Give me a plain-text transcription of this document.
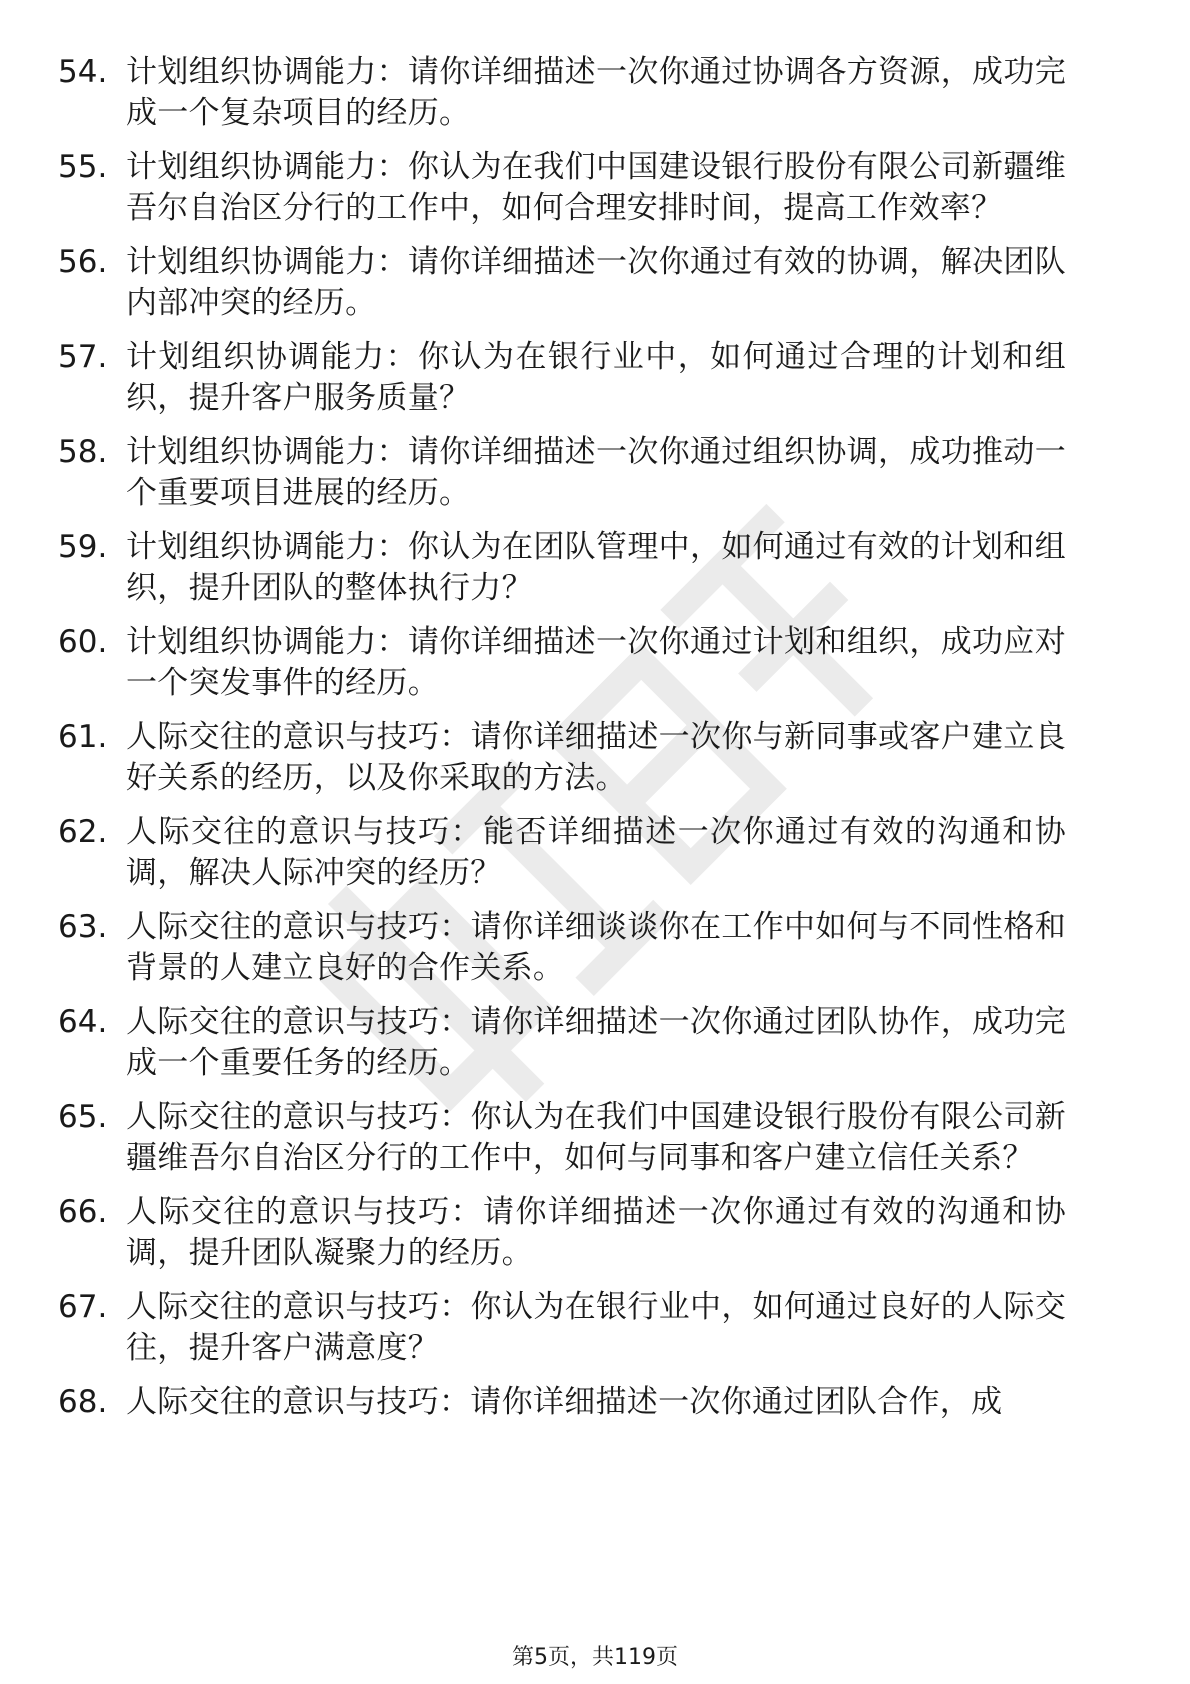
54. 计划组织协调能力：请你详细描述一次你通过协调各方资源，成功完成一个复杂项目的经历。
55. 计划组织协调能力：你认为在我们中国建设银行股份有限公司新疆维吾尔自治区分行的工作中，如何合理安排时间，提高工作效率？
56. 计划组织协调能力：请你详细描述一次你通过有效的协调，解决团队内部冲突的经历。
57. 计划组织协调能力：你认为在银行业中，如何通过合理的计划和组织，提升客户服务质量？
58. 计划组织协调能力：请你详细描述一次你通过组织协调，成功推动一个重要项目进展的经历。
59. 计划组织协调能力：你认为在团队管理中，如何通过有效的计划和组织，提升团队的整体执行力？
60. 计划组织协调能力：请你详细描述一次你通过计划和组织，成功应对一个突发事件的经历。
61. 人际交往的意识与技巧：请你详细描述一次你与新同事或客户建立良好关系的经历，以及你采取的方法。
62. 人际交往的意识与技巧：能否详细描述一次你通过有效的沟通和协调，解决人际冲突的经历？
63. 人际交往的意识与技巧：请你详细谈谈你在工作中如何与不同性格和背景的人建立良好的合作关系。
64. 人际交往的意识与技巧：请你详细描述一次你通过团队协作，成功完成一个重要任务的经历。
65. 人际交往的意识与技巧：你认为在我们中国建设银行股份有限公司新疆维吾尔自治区分行的工作中，如何与同事和客户建立信任关系？
66. 人际交往的意识与技巧：请你详细描述一次你通过有效的沟通和协调，提升团队凝聚力的经历。
67. 人际交往的意识与技巧：你认为在银行业中，如何通过良好的人际交往，提升客户满意度？
68. 人际交往的意识与技巧：请你详细描述一次你通过团队合作，成
第5页，共119页
